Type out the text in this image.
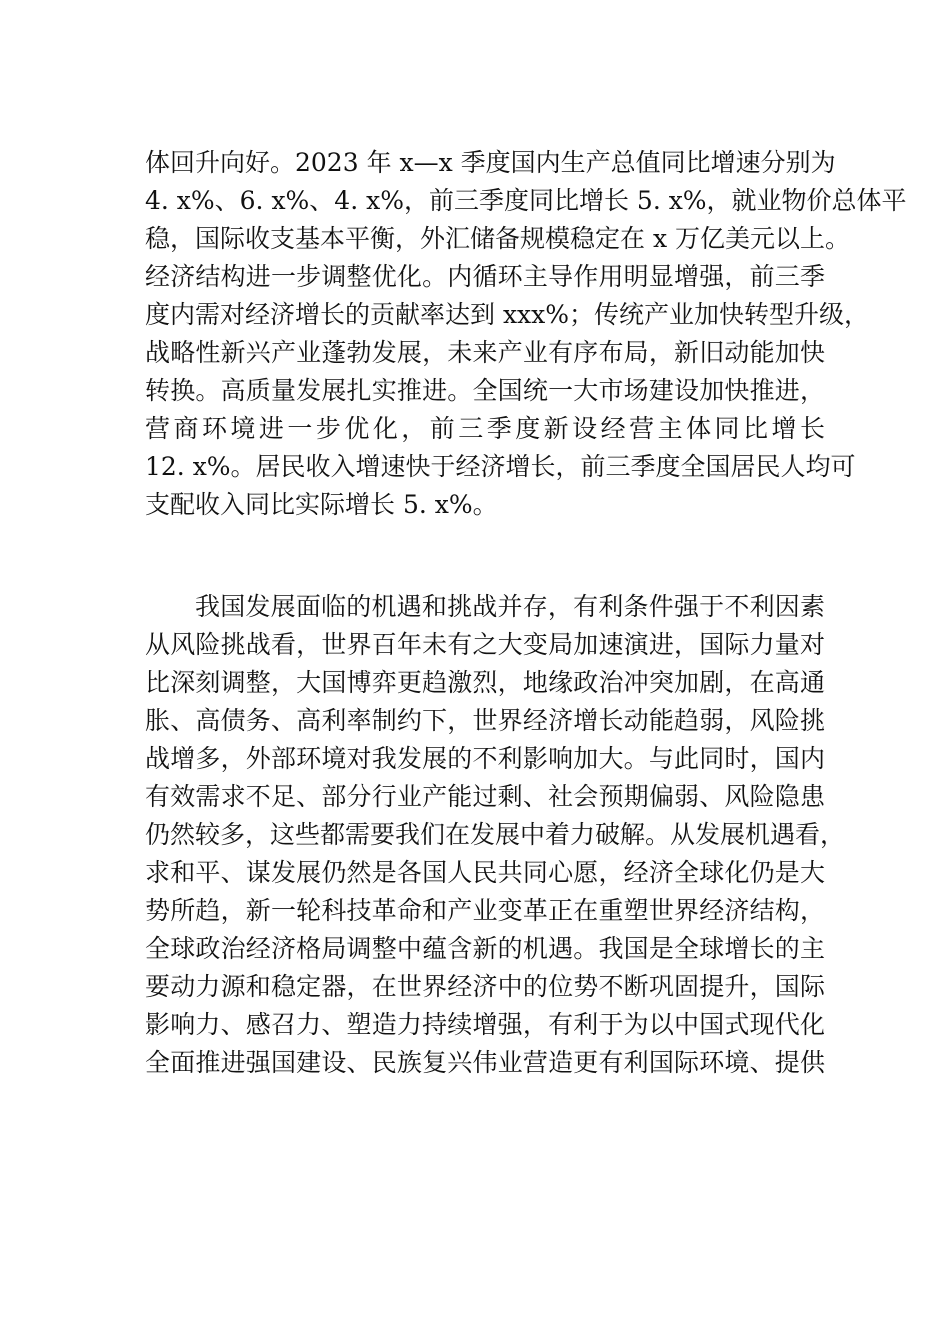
体回升向好。2023 年 x—x 季度国内生产总值同比增速分别为
4. x%、6. x%、4. x%，前三季度同比增长 5. x%，就业物价总体平
稳，国际收支基本平衡，外汇储备规模稳定在 x 万亿美元以上。
经济结构进一步调整优化。内循环主导作用明显增强，前三季
度内需对经济增长的贡献率达到 xxx%；传统产业加快转型升级，
战略性新兴产业蓬勃发展，未来产业有序布局，新旧动能加快
转换。高质量发展扎实推进。全国统一大市场建设加快推进，
营商环境进一步优化，前三季度新设经营主体同比增长
12. x%。居民收入增速快于经济增长，前三季度全国居民人均可
支配收入同比实际增长 5. x%。
我国发展面临的机遇和挑战并存，有利条件强于不利因素
从风险挑战看，世界百年未有之大变局加速演进，国际力量对
比深刻调整，大国博弈更趋激烈，地缘政治冲突加剧，在高通
胀、高债务、高利率制约下，世界经济增长动能趋弱，风险挑
战增多，外部环境对我发展的不利影响加大。与此同时，国内
有效需求不足、部分行业产能过剩、社会预期偏弱、风险隐患
仍然较多，这些都需要我们在发展中着力破解。从发展机遇看，
求和平、谋发展仍然是各国人民共同心愿，经济全球化仍是大
势所趋，新一轮科技革命和产业变革正在重塑世界经济结构，
全球政治经济格局调整中蕴含新的机遇。我国是全球增长的主
要动力源和稳定器，在世界经济中的位势不断巩固提升，国际
影响力、感召力、塑造力持续增强，有利于为以中国式现代化
全面推进强国建设、民族复兴伟业营造更有利国际环境、提供
